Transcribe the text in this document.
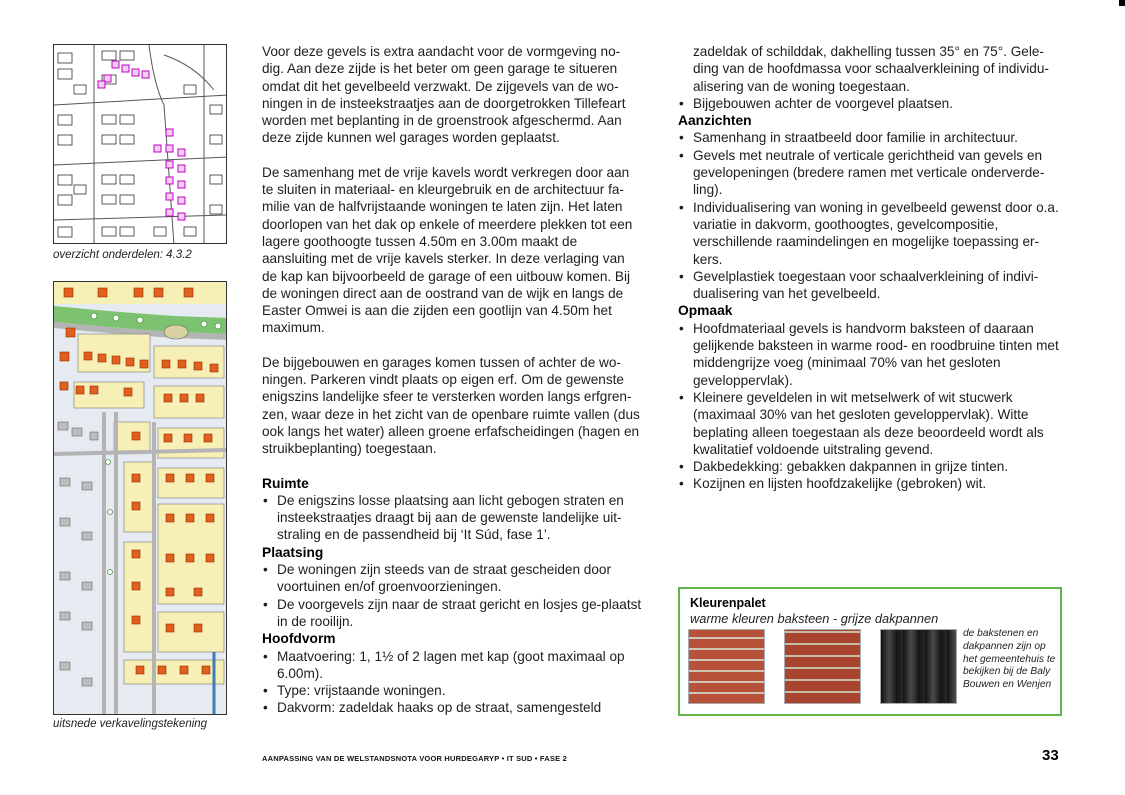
overzicht onderdelen: 4.3.2
uitsnede verkavelingstekening

Voor deze gevels is extra aandacht voor de vormgeving no-dig. Aan deze zijde is het beter om geen garage te situeren omdat dit het gevelbeeld verzwakt. De zijgevels van de wo-ningen in de insteekstraatjes aan de doorgetrokken Tillefeart worden met beplanting in de groenstrook afgeschermd. Aan deze zijde kunnen wel garages worden geplaatst.

De samenhang met de vrije kavels wordt verkregen door aan te sluiten in materiaal- en kleurgebruik en de architectuur fa-milie van de halfvrijstaande woningen te laten zijn. Het laten doorlopen van het dak op enkele of meerdere plekken tot een lagere goothoogte tussen 4.50m en 3.00m maakt de aansluiting met de vrije kavels sterker. In deze verlaging van de kap kan bijvoorbeeld de garage of een uitbouw komen. Bij de woningen direct aan de oostrand van de wijk en langs de Easter Omwei is aan die zijden een gootlijn van 4.50m het maximum.

De bijgebouwen en garages komen tussen of achter de wo-ningen. Parkeren vindt plaats op eigen erf. Om de gewenste enigszins landelijke sfeer te versterken worden langs erfgren-zen, waar deze in het zicht van de openbare ruimte vallen (dus ook langs het water) alleen groene erfafscheidingen (hagen en struikbeplanting) toegestaan.

Ruimte
• De enigszins losse plaatsing aan licht gebogen straten en insteekstraatjes draagt bij aan de gewenste landelijke uit-straling en de passendheid bij ‘It Súd, fase 1’.
Plaatsing
• De woningen zijn steeds van de straat gescheiden door voortuinen en/of groenvoorzieningen.
• De voorgevels zijn naar de straat gericht en losjes ge-plaatst in de rooilijn.
Hoofdvorm
• Maatvoering: 1, 1½ of 2 lagen met kap (goot maximaal op 6.00m).
• Type: vrijstaande woningen.
• Dakvorm: zadeldak haaks op de straat, samengesteld

zadeldak of schilddak, dakhelling tussen 35° en 75°. Gele-ding van de hoofdmassa voor schaalverkleining of individu-alisering van de woning toegestaan.

• Bijgebouwen achter de voorgevel plaatsen.
Aanzichten
• Samenhang in straatbeeld door familie in architectuur.
• Gevels met neutrale of verticale gerichtheid van gevels en gevelopeningen (bredere ramen met verticale onderverde-ling).
• Individualisering van woning in gevelbeeld gewenst door o.a. variatie in dakvorm, goothoogtes, gevelcompositie, verschillende raamindelingen en mogelijke toepassing er-kers.
• Gevelplastiek toegestaan voor schaalverkleining of indivi-dualisering van het gevelbeeld.
Opmaak
• Hoofdmateriaal gevels is handvorm baksteen of daaraan gelijkende baksteen in warme rood- en roodbruine tinten met middengrijze voeg (minimaal 70% van het gesloten geveloppervlak).
• Kleinere geveldelen in wit metselwerk of wit stucwerk (maximaal 30% van het gesloten geveloppervlak). Witte beplating alleen toegestaan als deze beoordeeld wordt als kwalitatief voldoende uitstraling gevend.
• Dakbedekking: gebakken dakpannen in grijze tinten.
• Kozijnen en lijsten hoofdzakelijke (gebroken) wit.
Kleurenpalet
warme kleuren baksteen - grijze dakpannen
de bakstenen en dakpannen zijn op het gemeentehuis te bekijken bij de Baly Bouwen en Wenjen
AANPASSING VAN DE WELSTANDSNOTA VOOR HURDEGARYP • IT SUD • FASE 2	33
